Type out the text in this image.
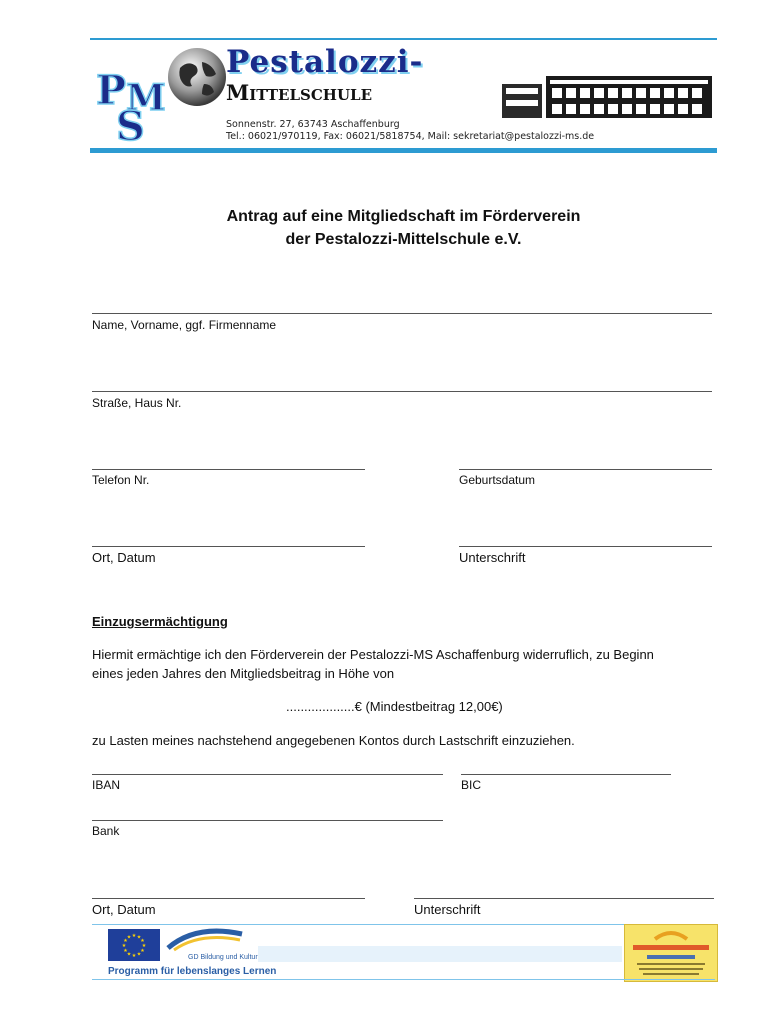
P M
S
Pestalozzi-
Mittelschule
Sonnenstr. 27, 63743 Aschaffenburg
Tel.: 06021/970119, Fax: 06021/5818754, Mail: sekretariat@pestalozzi-ms.de
Antrag auf eine Mitgliedschaft im Förderverein
der Pestalozzi-Mittelschule e.V.
Name, Vorname, ggf. Firmenname
Straße, Haus Nr.
Telefon Nr.	Geburtsdatum
Ort, Datum	Unterschrift
Einzugsermächtigung
Hiermit ermächtige ich den Förderverein der Pestalozzi-MS Aschaffenburg widerruflich, zu Beginn
eines jeden Jahres den Mitgliedsbeitrag in Höhe von
...................€ (Mindestbeitrag 12,00€)
zu Lasten meines nachstehend angegebenen Kontos durch Lastschrift einzuziehen.
IBAN	BIC
Bank
Ort, Datum	Unterschrift
★ ★
★
★
★
★
★
★
★
★
★
★
GD Bildung und Kultur
Programm für lebenslanges Lernen
